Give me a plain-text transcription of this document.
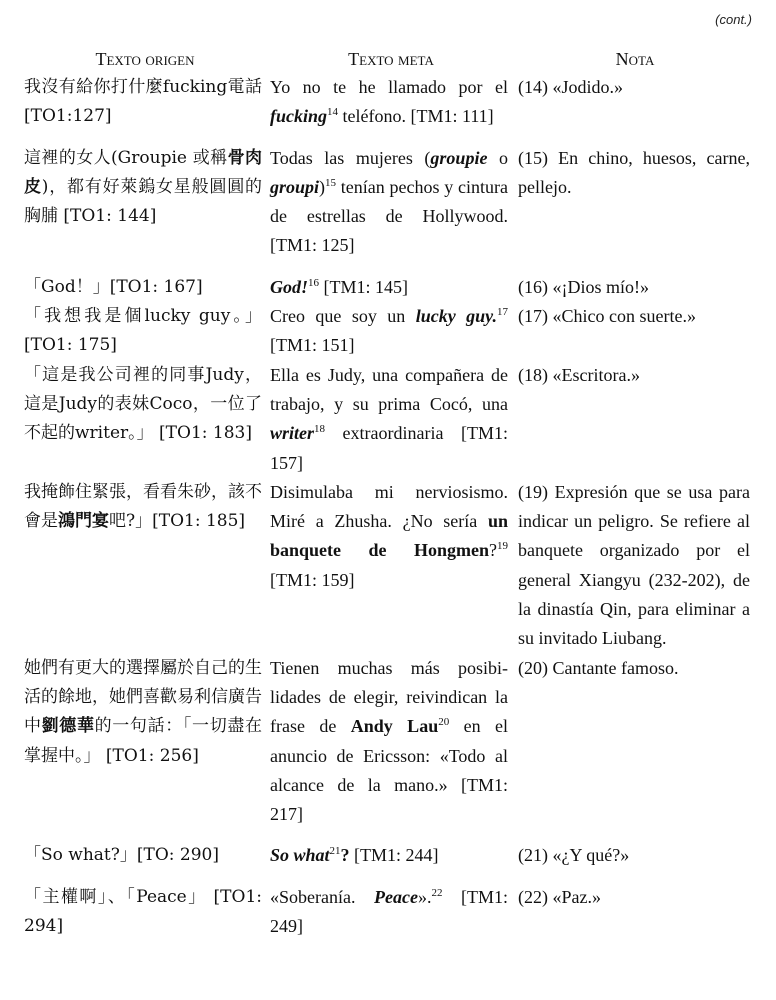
(cont.)
Texto origen	Texto meta	Nota
我沒有給你打什麼fucking電話 [TO1:127]	Yo no te he llamado por el fucking$^{14}$ teléfono. [TM1: 111]	(14) «Jodido.»
這裡的女人(Groupie 或稱骨肉皮)，都有好萊鎢女星般圓圓的胸脯 [TO1: 144]	Todas las mujeres (groupie o groupi)$^{15}$ tenían pechos y cintura de estrellas de Hollywood. [TM1: 125]	(15) En chino, huesos, carne, pellejo.
「God！」[TO1: 167]	God!$^{16}$ [TM1: 145]	(16) «¡Dios mío!»
「我想我是個lucky guy。」[TO1: 175]	Creo que soy un lucky guy.$^{17}$ [TM1: 151]	(17) «Chico con suerte.»
「這是我公司裡的同事Judy，這是Judy的表妹Coco，一位了不起的writer。」 [TO1: 183]	Ella es Judy, una compañera de trabajo, y su prima Cocó, una writer$^{18}$ extraordinaria [TM1: 157]	(18) «Escritora.»
我掩飾住緊張，看看朱砂，該不會是鴻門宴吧?」[TO1: 185]	Disimulaba mi nerviosismo. Miré a Zhusha. ¿No sería un banquete de Hongmen?$^{19}$ [TM1: 159]	(19) Expresión que se usa para indicar un peligro. Se refiere al banquete organizado por el general Xiangyu (232-202), de la dinastía Qin, para eliminar a su invitado Liubang.
她們有更大的選擇屬於自己的生活的餘地，她們喜歡易利信廣告中劉德華的一句話：「一切盡在掌握中。」 [TO1: 256]	Tienen muchas más posibilidades de elegir, reivindican la frase de Andy Lau$^{20}$ en el anuncio de Ericsson: «Todo al alcance de la mano.» [TM1: 217]	(20) Cantante famoso.
「So what?」[TO: 290]	So what$^{21}$? [TM1: 244]	(21) «¿Y qué?»
「主權啊」、「Peace」 [TO1: 294]	«Soberanía. Peace».$^{22}$ [TM1: 249]	(22) «Paz.»
